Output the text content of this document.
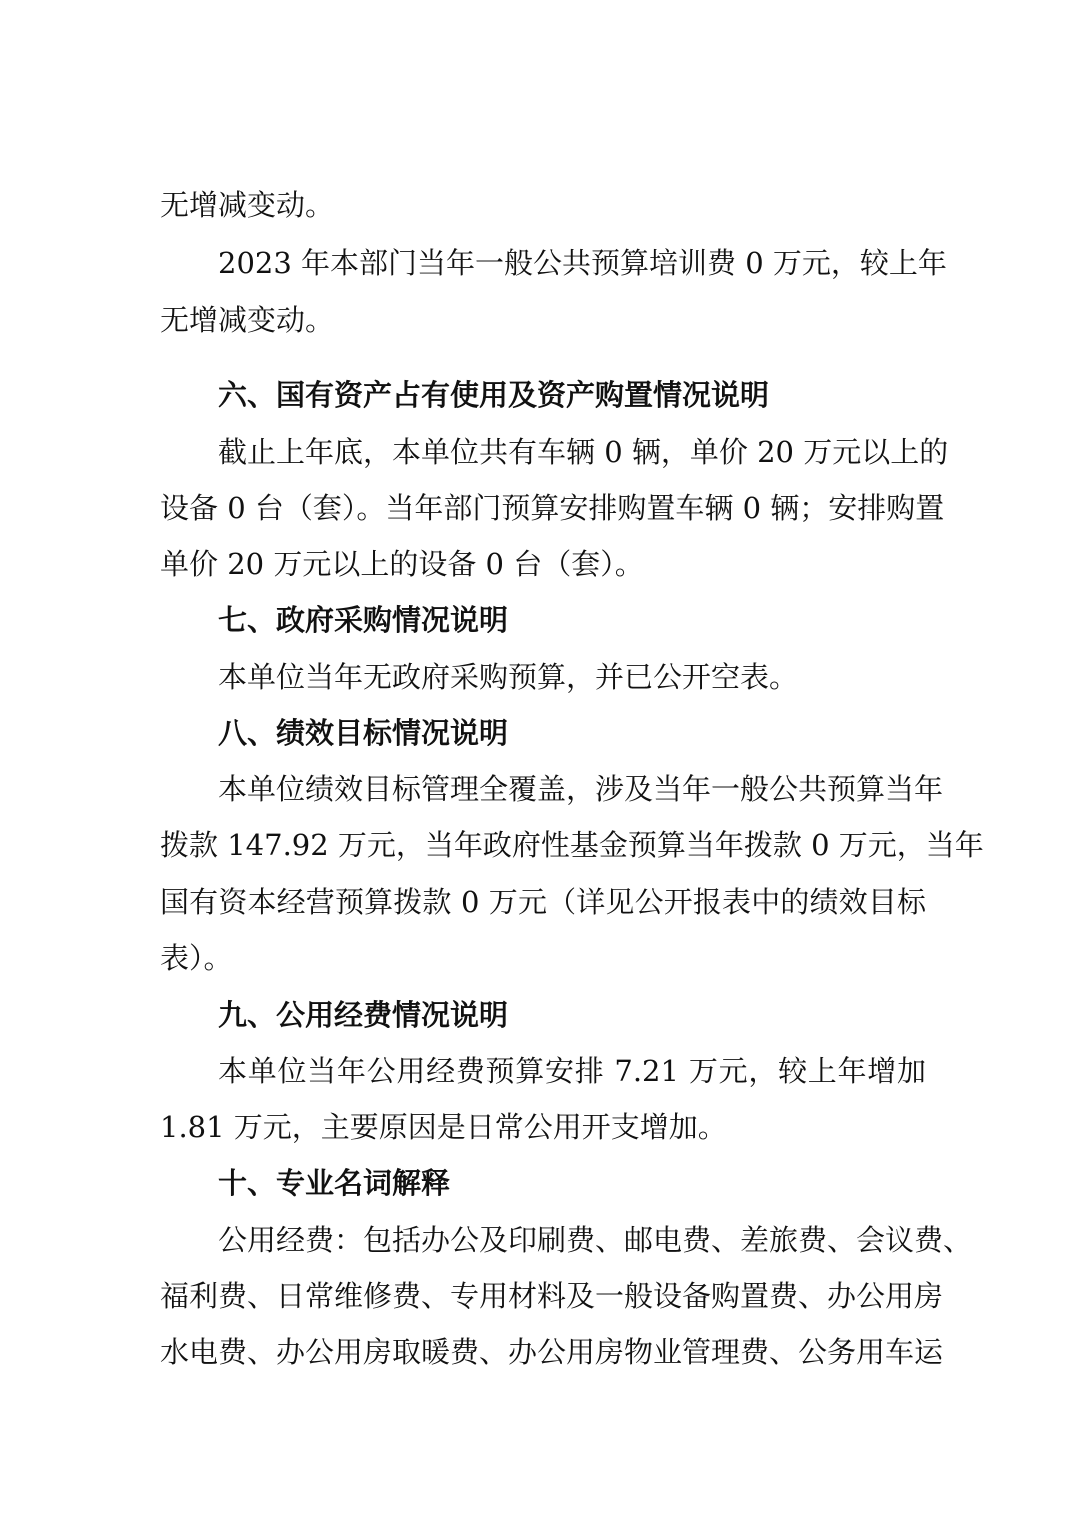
无增减变动。
2023 年本部门当年一般公共预算培训费 0 万元，较上年
无增减变动。
六、国有资产占有使用及资产购置情况说明
截止上年底，本单位共有车辆 0 辆，单价 20 万元以上的
设备 0 台（套）。当年部门预算安排购置车辆 0 辆；安排购置
单价 20 万元以上的设备 0 台（套）。
七、政府采购情况说明
本单位当年无政府采购预算，并已公开空表。
八、绩效目标情况说明
本单位绩效目标管理全覆盖，涉及当年一般公共预算当年
拨款 147.92 万元，当年政府性基金预算当年拨款 0 万元，当年
国有资本经营预算拨款 0 万元（详见公开报表中的绩效目标
表）。
九、公用经费情况说明
本单位当年公用经费预算安排 7.21 万元，较上年增加
1.81 万元，主要原因是日常公用开支增加。
十、专业名词解释
公用经费：包括办公及印刷费、邮电费、差旅费、会议费、
福利费、日常维修费、专用材料及一般设备购置费、办公用房
水电费、办公用房取暖费、办公用房物业管理费、公务用车运
